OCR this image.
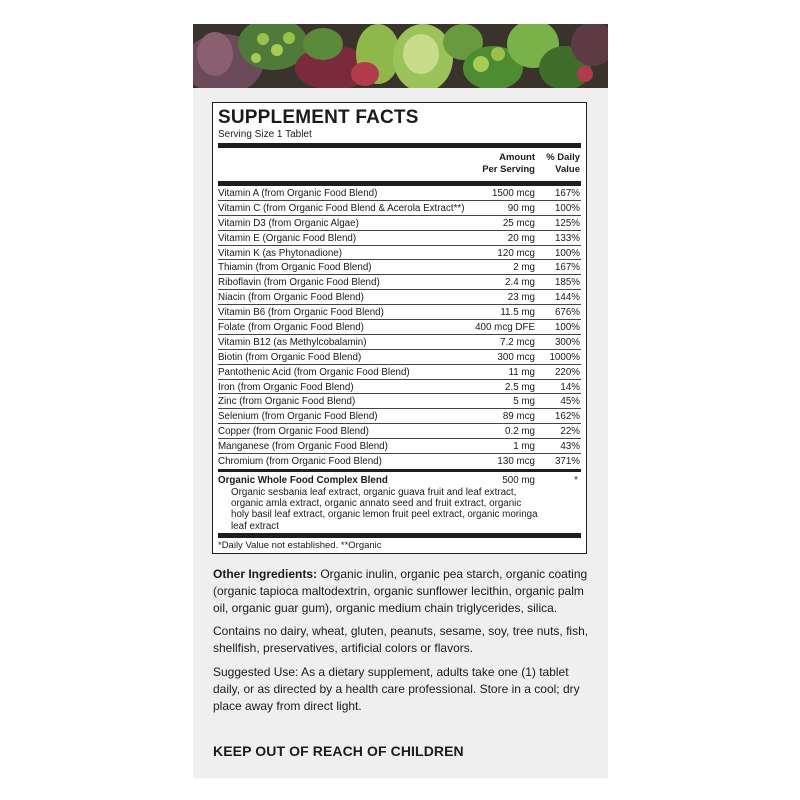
SUPPLEMENT FACTS
Serving Size 1 Tablet
Amount
Per Serving
% Daily
Value
Vitamin A (from Organic Food Blend)	1500 mcg 167%
Vitamin C (from Organic Food Blend & Acerola Extract**)	90 mg 100%
Vitamin D3 (from Organic Algae)	25 mcg 125%
Vitamin E (Organic Food Blend)	20 mg 133%
Vitamin K (as Phytonadione)	120 mcg 100%
Thiamin (from Organic Food Blend)	2 mg 167%
Riboflavin (from Organic Food Blend)	2.4 mg 185%
Niacin (from Organic Food Blend)	23 mg 144%
Vitamin B6 (from Organic Food Blend)	11.5 mg 676%
Folate (from Organic Food Blend)	400 mcg DFE 100%
Vitamin B12 (as Methylcobalamin)	7.2 mcg 300%
Biotin (from Organic Food Blend)	300 mcg 1000%
Pantothenic Acid (from Organic Food Blend)	11 mg 220%
Iron (from Organic Food Blend)	2.5 mg	14%
Zinc (from Organic Food Blend)	5 mg	45%
Selenium (from Organic Food Blend)	89 mcg 162%
Copper (from Organic Food Blend)	0.2 mg	22%
Manganese (from Organic Food Blend)	1 mg	43%
Chromium (from Organic Food Blend)	130 mcg 371%
Organic Whole Food Complex Blend	500 mg	*
Organic sesbania leaf extract, organic guava fruit and leaf extract, organic amla extract, organic annato seed and fruit extract, organic holy basil leaf extract, organic lemon fruit peel extract, organic moringa leaf extract
*Daily Value not established. **Organic

Other Ingredients: Organic inulin, organic pea starch, organic coating (organic tapioca maltodextrin, organic sunflower lecithin, organic palm oil, organic guar gum), organic medium chain triglycerides, silica.

Contains no dairy, wheat, gluten, peanuts, sesame, soy, tree nuts, fish, shellfish, preservatives, artificial colors or flavors.

Suggested Use: As a dietary supplement, adults take one (1) tablet daily, or as directed by a health care professional. Store in a cool; dry place away from direct light.

KEEP OUT OF REACH OF CHILDREN
